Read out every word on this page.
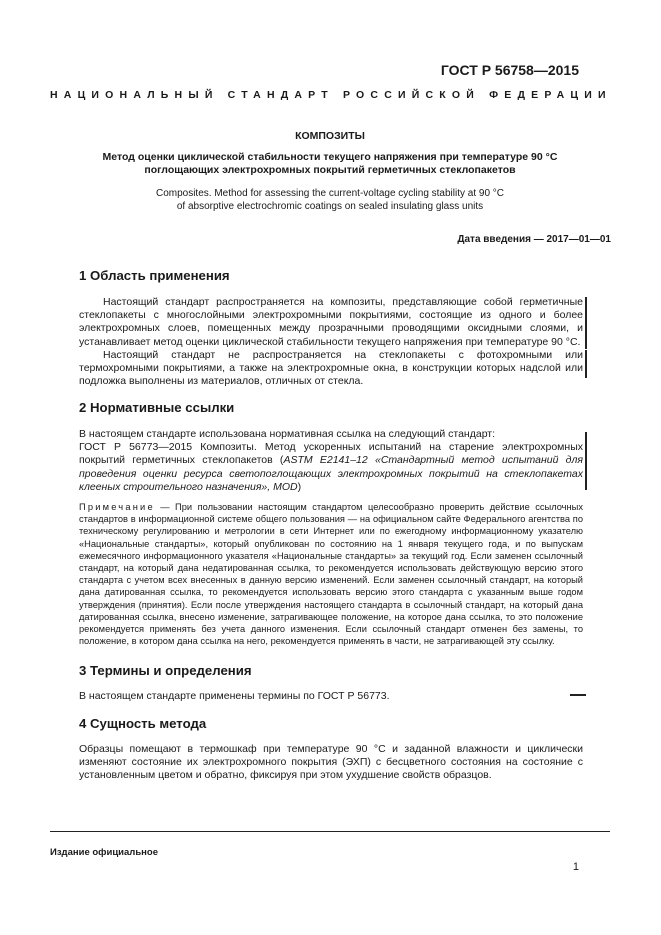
ГОСТ Р 56758—2015
НАЦИОНАЛЬНЫЙ СТАНДАРТ РОССИЙСКОЙ ФЕДЕРАЦИИ
КОМПОЗИТЫ
Метод оценки циклической стабильности текущего напряжения при температуре 90 °C
поглощающих электрохромных покрытий герметичных стеклопакетов
Composites. Method for assessing the current-voltage cycling stability at 90 °C
of absorptive electrochromic coatings on sealed insulating glass units
Дата введения — 2017—01—01
1 Область применения

Настоящий стандарт распространяется на композиты, представляющие собой герметичные стеклопакеты с многослойными электрохромными покрытиями, состоящие из одного и более электрохромных слоев, помещенных между прозрачными проводящими оксидными слоями, и устанавливает метод оценки циклической стабильности текущего напряжения при температуре 90 °C.

Настоящий стандарт не распространяется на стеклопакеты с фотохромными или термохромными покрытиями, а также на электрохромные окна, в конструкции которых надслой или подложка выполнены из материалов, отличных от стекла.

2 Нормативные ссылки

В настоящем стандарте использована нормативная ссылка на следующий стандарт:

ГОСТ Р 56773—2015 Композиты. Метод ускоренных испытаний на старение электрохромных покрытий герметичных стеклопакетов (ASTM E2141–12 «Стандартный метод испытаний для проведения оценки ресурса светопоглощающих электрохромных покрытий на стеклопакетах клееных строительного назначения», MOD)

Примечание — При пользовании настоящим стандартом целесообразно проверить действие ссылочных стандартов в информационной системе общего пользования — на официальном сайте Федерального агентства по техническому регулированию и метрологии в сети Интернет или по ежегодному информационному указателю «Национальные стандарты», который опубликован по состоянию на 1 января текущего года, и по выпускам ежемесячного информационного указателя «Национальные стандарты» за текущий год. Если заменен ссылочный стандарт, на который дана недатированная ссылка, то рекомендуется использовать действующую версию этого стандарта с учетом всех внесенных в данную версию изменений. Если заменен ссылочный стандарт, на который дана датированная ссылка, то рекомендуется использовать версию этого стандарта с указанным выше годом утверждения (принятия). Если после утверждения настоящего стандарта в ссылочный стандарт, на который дана датированная ссылка, внесено изменение, затрагивающее положение, на которое дана ссылка, то это положение рекомендуется применять без учета данного изменения. Если ссылочный стандарт отменен без замены, то положение, в котором дана ссылка на него, рекомендуется применять в части, не затрагивающей эту ссылку.
3 Термины и определения

В настоящем стандарте применены термины по ГОСТ Р 56773.

4 Сущность метода

Образцы помещают в термошкаф при температуре 90 °C и заданной влажности и циклически изменяют состояние их электрохромного покрытия (ЭХП) с бесцветного состояния на состояние с установленным цветом и обратно, фиксируя при этом ухудшение свойств образцов.

Издание официальное
1
